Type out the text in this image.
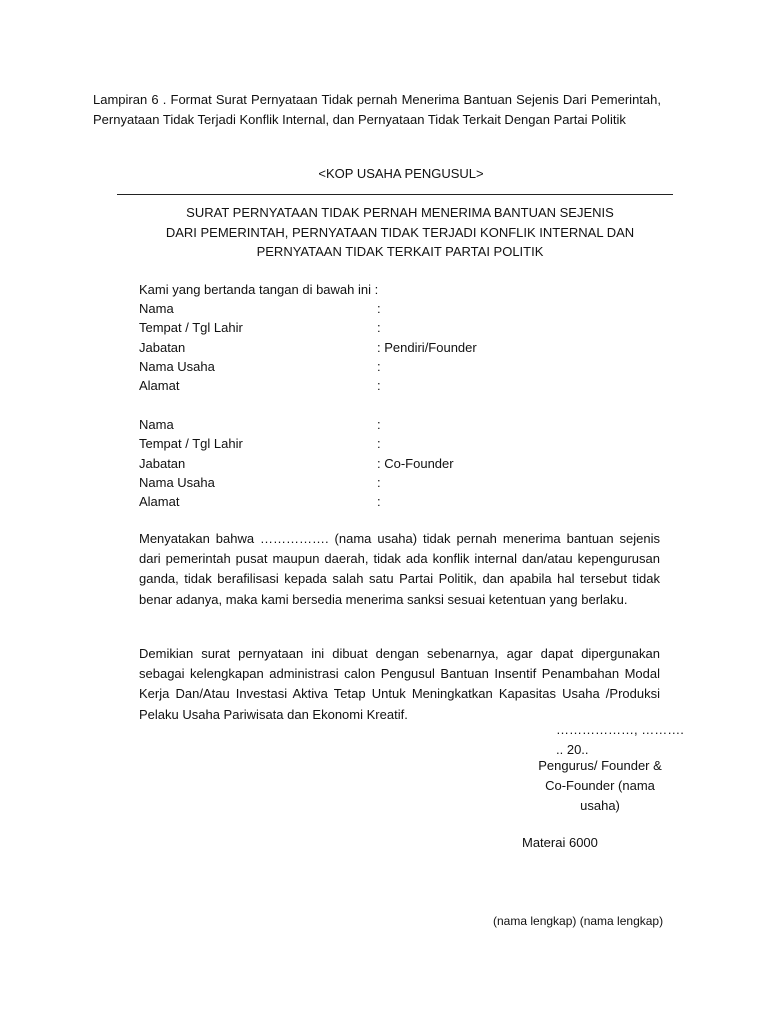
Lampiran 6 . Format Surat Pernyataan Tidak pernah Menerima Bantuan Sejenis Dari Pemerintah, Pernyataan Tidak Terjadi Konflik Internal, dan Pernyataan Tidak Terkait Dengan Partai Politik
<KOP USAHA PENGUSUL>
SURAT PERNYATAAN TIDAK PERNAH MENERIMA BANTUAN SEJENIS
DARI PEMERINTAH, PERNYATAAN TIDAK TERJADI KONFLIK INTERNAL DAN
PERNYATAAN TIDAK TERKAIT PARTAI POLITIK
Kami yang bertanda tangan di bawah ini :
Nama	:
Tempat / Tgl Lahir	:
Jabatan	: Pendiri/Founder
Nama Usaha	:
Alamat	:
Nama	:
Tempat / Tgl Lahir	:
Jabatan	: Co-Founder
Nama Usaha	:
Alamat	:
Menyatakan bahwa ……………. (nama usaha) tidak pernah menerima bantuan sejenis dari pemerintah pusat maupun daerah, tidak ada konflik internal dan/atau kepengurusan ganda, tidak berafilisasi kepada salah satu Partai Politik, dan apabila hal tersebut tidak benar adanya, maka kami bersedia menerima sanksi sesuai ketentuan yang berlaku.
Demikian surat pernyataan ini dibuat dengan sebenarnya, agar dapat dipergunakan sebagai kelengkapan administrasi calon Pengusul Bantuan Insentif Penambahan Modal Kerja Dan/Atau Investasi Aktiva Tetap Untuk Meningkatkan Kapasitas Usaha /Produksi Pelaku Usaha Pariwisata dan Ekonomi Kreatif.
………………, ……….
.. 20..
Pengurus/ Founder &
Co-Founder (nama
usaha)
Materai 6000
(nama lengkap) (nama lengkap)
